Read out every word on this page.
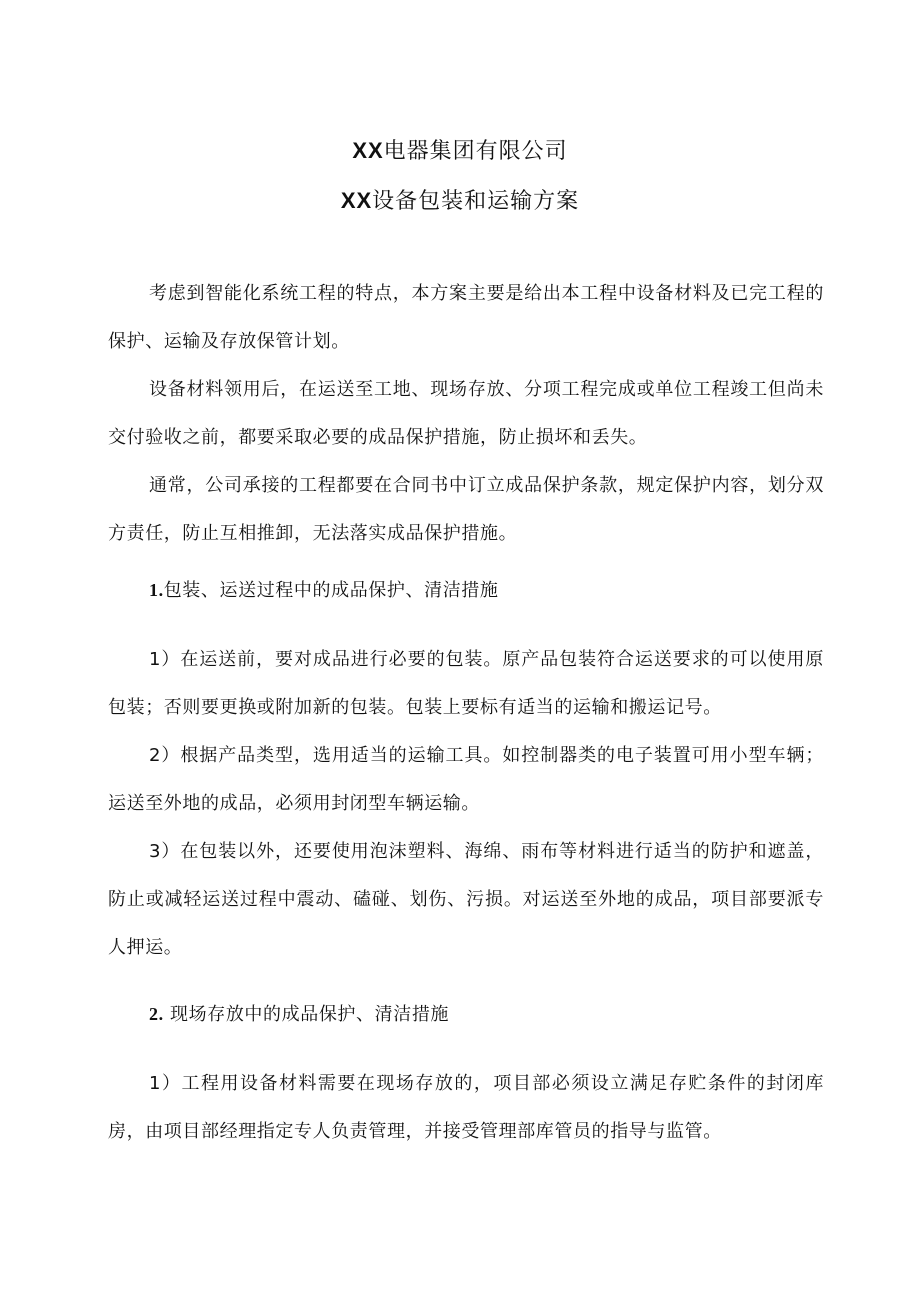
XX电器集团有限公司
XX设备包装和运输方案

考虑到智能化系统工程的特点，本方案主要是给出本工程中设备材料及已完工程的保护、运输及存放保管计划。

设备材料领用后，在运送至工地、现场存放、分项工程完成或单位工程竣工但尚未交付验收之前，都要采取必要的成品保护措施，防止损坏和丢失。

通常，公司承接的工程都要在合同书中订立成品保护条款，规定保护内容，划分双方责任，防止互相推卸，无法落实成品保护措施。

1.包装、运送过程中的成品保护、清洁措施

1）在运送前，要对成品进行必要的包装。原产品包装符合运送要求的可以使用原包装；否则要更换或附加新的包装。包装上要标有适当的运输和搬运记号。

2）根据产品类型，选用适当的运输工具。如控制器类的电子装置可用小型车辆；运送至外地的成品，必须用封闭型车辆运输。

3）在包装以外，还要使用泡沫塑料、海绵、雨布等材料进行适当的防护和遮盖，防止或减轻运送过程中震动、磕碰、划伤、污损。对运送至外地的成品，项目部要派专人押运。

2. 现场存放中的成品保护、清洁措施

1）工程用设备材料需要在现场存放的，项目部必须设立满足存贮条件的封闭库房，由项目部经理指定专人负责管理，并接受管理部库管员的指导与监管。
